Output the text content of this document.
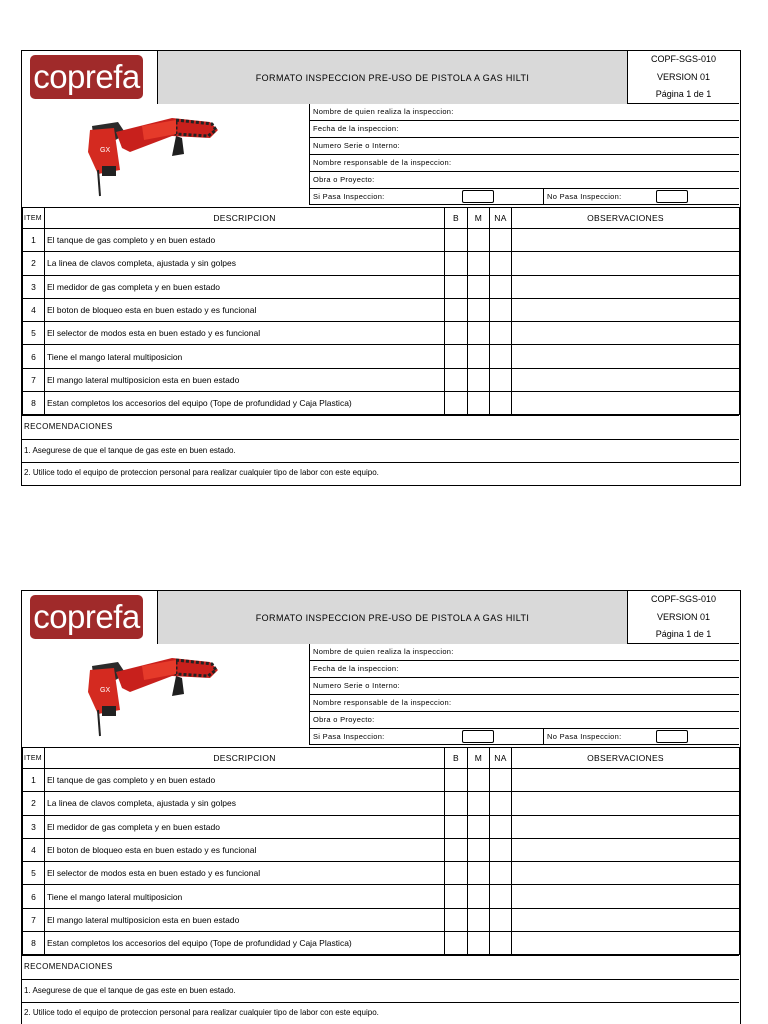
coprefa	FORMATO INSPECCION PRE-USO DE PISTOLA A GAS HILTI
COPF-SGS-010
VERSION 01
Página 1 de 1
GX
Nombre de quien realiza la inspeccion:
Fecha de la inspeccion:
Numero Serie o Interno:
Nombre responsable de la inspeccion:
Obra o Proyecto:
Si Pasa Inspeccion:	No Pasa Inspeccion:
ITEM	DESCRIPCION	B	M	NA	OBSERVACIONES
1	El tanque de gas completo y en buen estado				
2	La linea de clavos completa, ajustada y sin golpes				
3	El medidor de gas completa y en buen estado				
4	El boton de bloqueo esta en buen estado y es funcional				
5	El selector de modos esta en buen estado y es funcional				
6	Tiene el mango lateral multiposicion				
7	El mango lateral multiposicion esta en buen estado				
8	Estan completos los accesorios del equipo (Tope de profundidad y Caja Plastica)				
RECOMENDACIONES
1. Asegurese de que el tanque de gas este en buen estado.
2. Utilice todo el equipo de proteccion personal para realizar cualquier tipo de labor con este equipo.
coprefa	FORMATO INSPECCION PRE-USO DE PISTOLA A GAS HILTI
COPF-SGS-010
VERSION 01
Página 1 de 1
GX
Nombre de quien realiza la inspeccion:
Fecha de la inspeccion:
Numero Serie o Interno:
Nombre responsable de la inspeccion:
Obra o Proyecto:
Si Pasa Inspeccion:	No Pasa Inspeccion:
ITEM	DESCRIPCION	B	M	NA	OBSERVACIONES
1	El tanque de gas completo y en buen estado				
2	La linea de clavos completa, ajustada y sin golpes				
3	El medidor de gas completa y en buen estado				
4	El boton de bloqueo esta en buen estado y es funcional				
5	El selector de modos esta en buen estado y es funcional				
6	Tiene el mango lateral multiposicion				
7	El mango lateral multiposicion esta en buen estado				
8	Estan completos los accesorios del equipo (Tope de profundidad y Caja Plastica)				
RECOMENDACIONES
1. Asegurese de que el tanque de gas este en buen estado.
2. Utilice todo el equipo de proteccion personal para realizar cualquier tipo de labor con este equipo.
